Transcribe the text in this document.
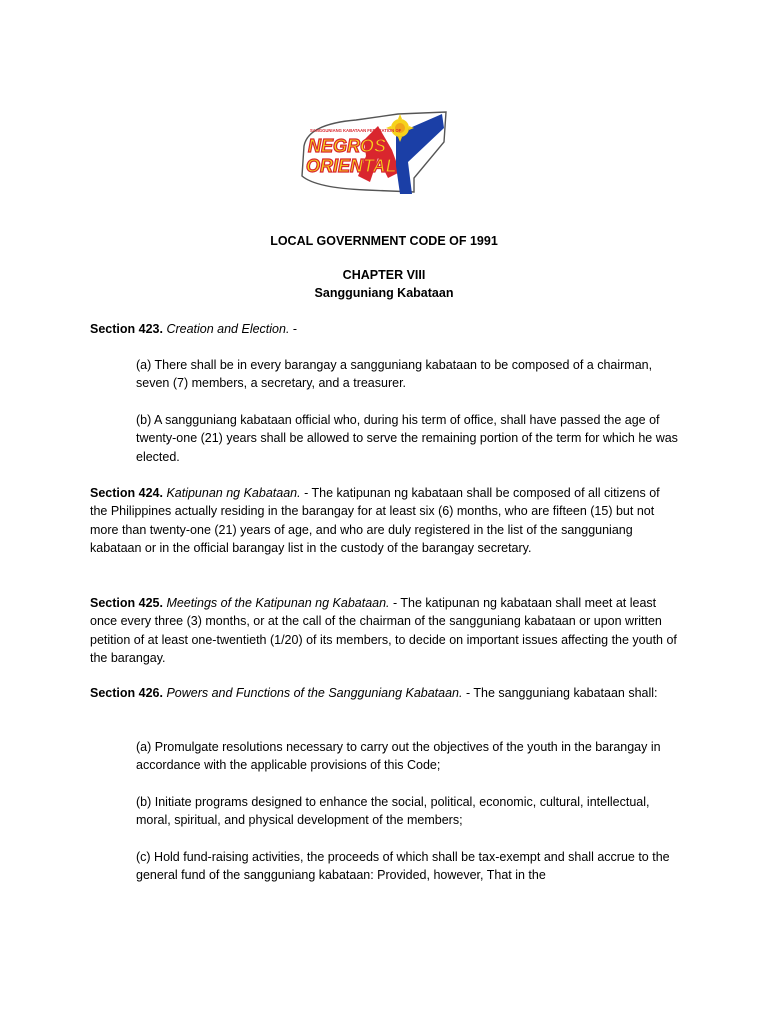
SANGGUNIANG KABATAAN FEDERATION OF
NEGROS
ORIENTAL
LOCAL GOVERNMENT CODE OF 1991
CHAPTER VIII
Sangguniang Kabataan

Section 423. Creation and Election. -

(a) There shall be in every barangay a sangguniang kabataan to be composed of a chairman, seven (7) members, a secretary, and a treasurer.

(b) A sangguniang kabataan official who, during his term of office, shall have passed the age of twenty-one (21) years shall be allowed to serve the remaining portion of the term for which he was elected.

Section 424. Katipunan ng Kabataan. - The katipunan ng kabataan shall be composed of all citizens of the Philippines actually residing in the barangay for at least six (6) months, who are fifteen (15) but not more than twenty-one (21) years of age, and who are duly registered in the list of the sangguniang kabataan or in the official barangay list in the custody of the barangay secretary.

Section 425. Meetings of the Katipunan ng Kabataan. - The katipunan ng kabataan shall meet at least once every three (3) months, or at the call of the chairman of the sangguniang kabataan or upon written petition of at least one-twentieth (1/20) of its members, to decide on important issues affecting the youth of the barangay.

Section 426. Powers and Functions of the Sangguniang Kabataan. - The sangguniang kabataan shall:

(a) Promulgate resolutions necessary to carry out the objectives of the youth in the barangay in accordance with the applicable provisions of this Code;

(b) Initiate programs designed to enhance the social, political, economic, cultural, intellectual, moral, spiritual, and physical development of the members;

(c) Hold fund-raising activities, the proceeds of which shall be tax-exempt and shall accrue to the general fund of the sangguniang kabataan: Provided, however, That in the
